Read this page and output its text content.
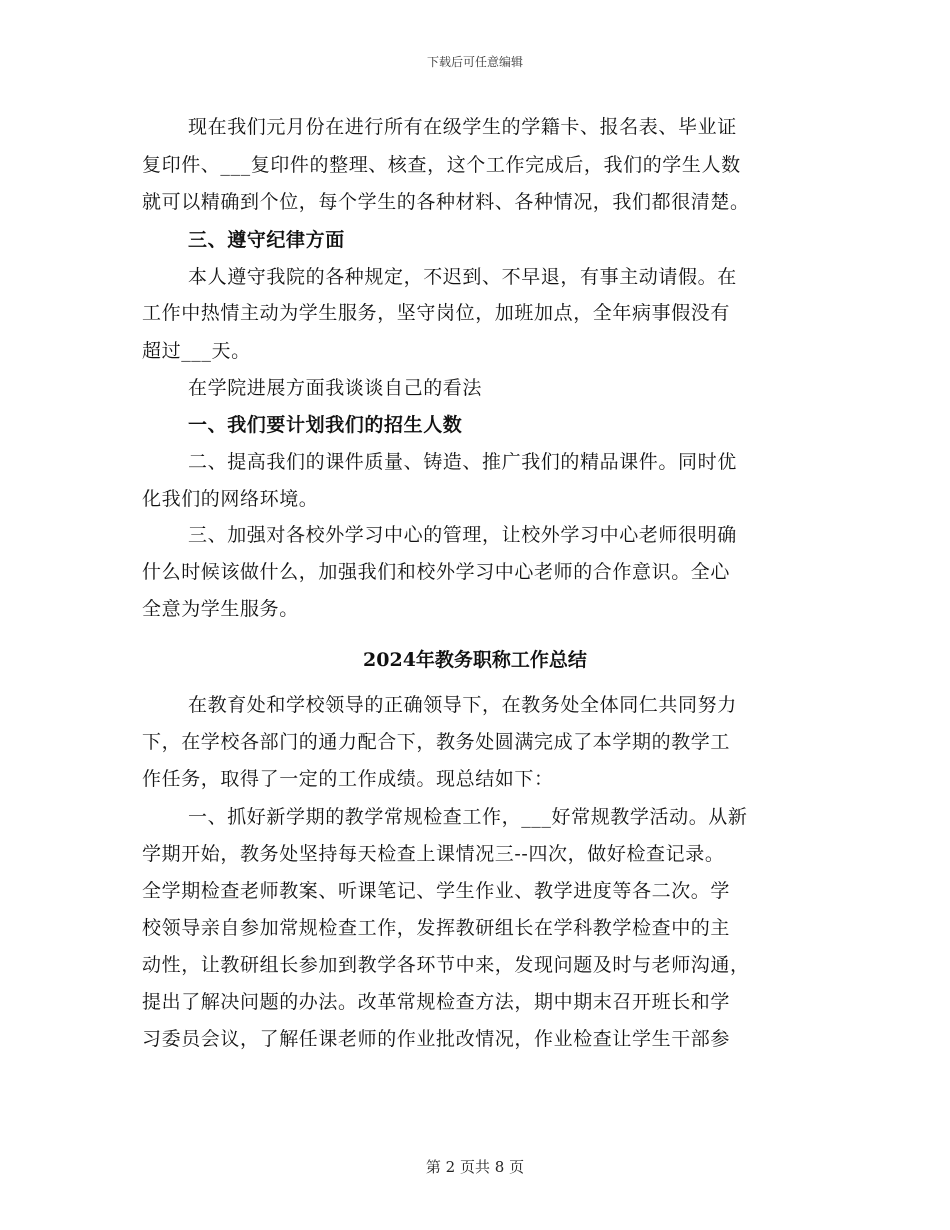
下载后可任意编辑
现在我们元月份在进行所有在级学生的学籍卡、报名表、毕业证
复印件、___复印件的整理、核查，这个工作完成后，我们的学生人数
就可以精确到个位，每个学生的各种材料、各种情况，我们都很清楚。
三、遵守纪律方面
本人遵守我院的各种规定，不迟到、不早退，有事主动请假。在
工作中热情主动为学生服务，坚守岗位，加班加点，全年病事假没有
超过___天。
在学院进展方面我谈谈自己的看法
一、我们要计划我们的招生人数
二、提高我们的课件质量、铸造、推广我们的精品课件。同时优
化我们的网络环境。
三、加强对各校外学习中心的管理，让校外学习中心老师很明确
什么时候该做什么，加强我们和校外学习中心老师的合作意识。全心
全意为学生服务。
2024年教务职称工作总结
在教育处和学校领导的正确领导下，在教务处全体同仁共同努力
下，在学校各部门的通力配合下，教务处圆满完成了本学期的教学工
作任务，取得了一定的工作成绩。现总结如下：
一、抓好新学期的教学常规检查工作，___好常规教学活动。从新
学期开始，教务处坚持每天检查上课情况三--四次，做好检查记录。
全学期检查老师教案、听课笔记、学生作业、教学进度等各二次。学
校领导亲自参加常规检查工作，发挥教研组长在学科教学检查中的主
动性，让教研组长参加到教学各环节中来，发现问题及时与老师沟通，
提出了解决问题的办法。改革常规检查方法，期中期末召开班长和学
习委员会议，了解任课老师的作业批改情况，作业检查让学生干部参
第 2 页共 8 页
